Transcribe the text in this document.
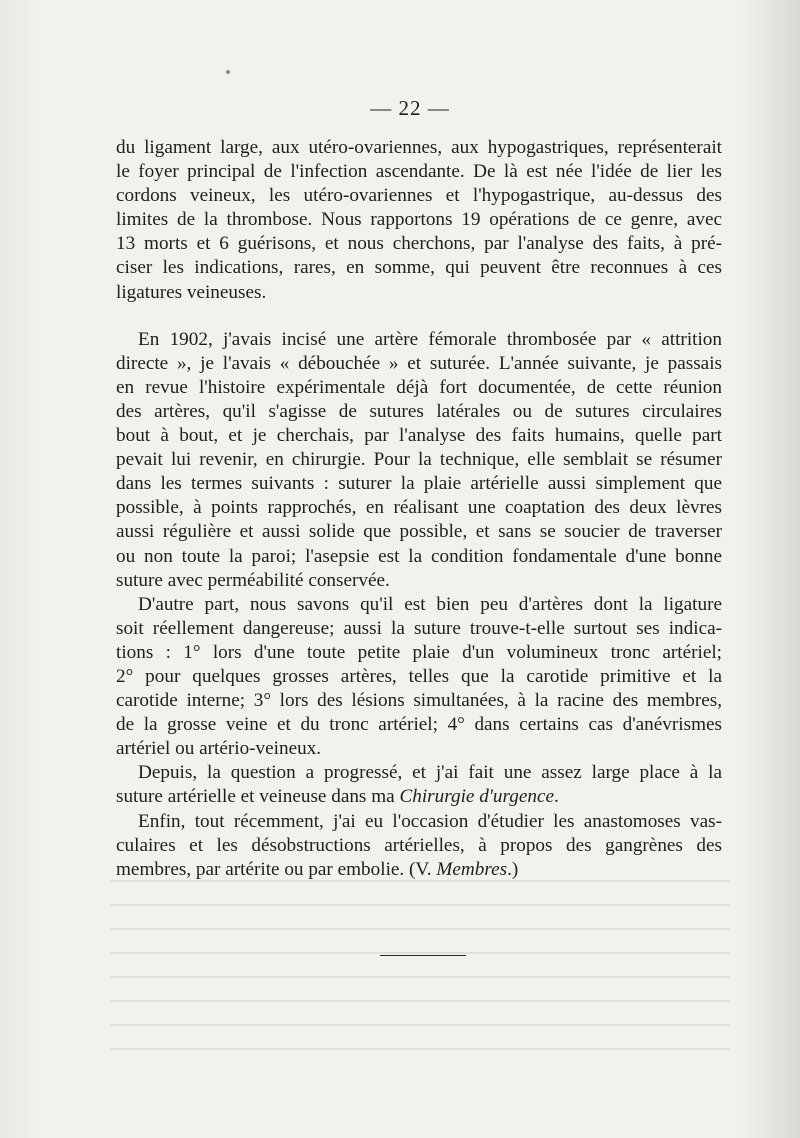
— 22 —

du ligament large, aux utéro-ovariennes, aux hypogastriques, représenterait
le foyer principal de l'infection ascendante. De là est née l'idée de lier les
cordons veineux, les utéro-ovariennes et l'hypogastrique, au-dessus des
limites de la thrombose. Nous rapportons 19 opérations de ce genre, avec
13 morts et 6 guérisons, et nous cherchons, par l'analyse des faits, à pré-
ciser les indications, rares, en somme, qui peuvent être reconnues à ces
ligatures veineuses.

En 1902, j'avais incisé une artère fémorale thrombosée par « attrition
directe », je l'avais « débouchée » et suturée. L'année suivante, je passais
en revue l'histoire expérimentale déjà fort documentée, de cette réunion
des artères, qu'il s'agisse de sutures latérales ou de sutures circulaires
bout à bout, et je cherchais, par l'analyse des faits humains, quelle part
pevait lui revenir, en chirurgie. Pour la technique, elle semblait se résumer
dans les termes suivants : suturer la plaie artérielle aussi simplement que
possible, à points rapprochés, en réalisant une coaptation des deux lèvres
aussi régulière et aussi solide que possible, et sans se soucier de traverser
ou non toute la paroi; l'asepsie est la condition fondamentale d'une bonne
suture avec perméabilité conservée.

D'autre part, nous savons qu'il est bien peu d'artères dont la ligature
soit réellement dangereuse; aussi la suture trouve-t-elle surtout ses indica-
tions : 1° lors d'une toute petite plaie d'un volumineux tronc artériel;
2° pour quelques grosses artères, telles que la carotide primitive et la
carotide interne; 3° lors des lésions simultanées, à la racine des membres,
de la grosse veine et du tronc artériel; 4° dans certains cas d'anévrismes
artériel ou artério-veineux.

Depuis, la question a progressé, et j'ai fait une assez large place à la
suture artérielle et veineuse dans ma Chirurgie d'urgence.

Enfin, tout récemment, j'ai eu l'occasion d'étudier les anastomoses vas-
culaires et les désobstructions artérielles, à propos des gangrènes des
membres, par artérite ou par embolie. (V. Membres.)
